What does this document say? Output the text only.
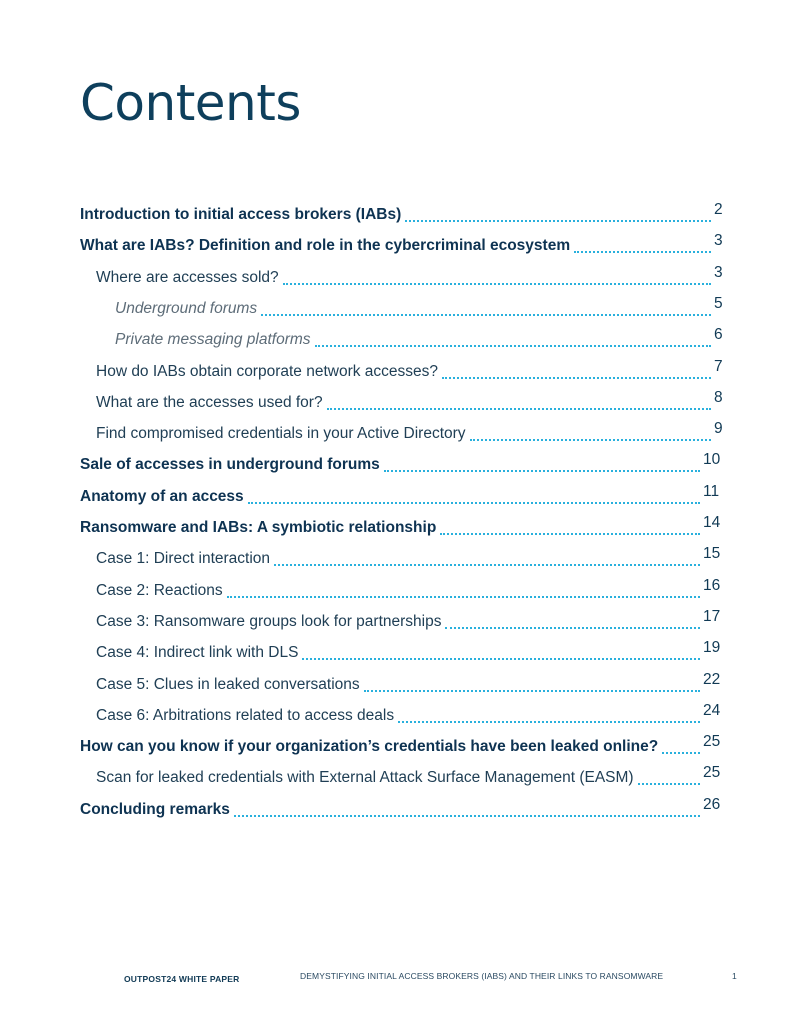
Contents
Introduction to initial access brokers (IABs)	2
What are IABs? Definition and role in the cybercriminal ecosystem	3
Where are accesses sold?	3
Underground forums	5
Private messaging platforms	6
How do IABs obtain corporate network accesses?	7
What are the accesses used for?	8
Find compromised credentials in your Active Directory	9
Sale of accesses in underground forums	10
Anatomy of an access	11
Ransomware and IABs: A symbiotic relationship	14
Case 1: Direct interaction	15
Case 2: Reactions	16
Case 3: Ransomware groups look for partnerships	17
Case 4: Indirect link with DLS	19
Case 5: Clues in leaked conversations	22
Case 6: Arbitrations related to access deals	24
How can you know if your organization’s credentials have been leaked online?	25
Scan for leaked credentials with External Attack Surface Management (EASM)	25
Concluding remarks	26
OUTPOST24 WHITE PAPER	DEMYSTIFYING INITIAL ACCESS BROKERS (IABS) AND THEIR LINKS TO RANSOMWARE	1
